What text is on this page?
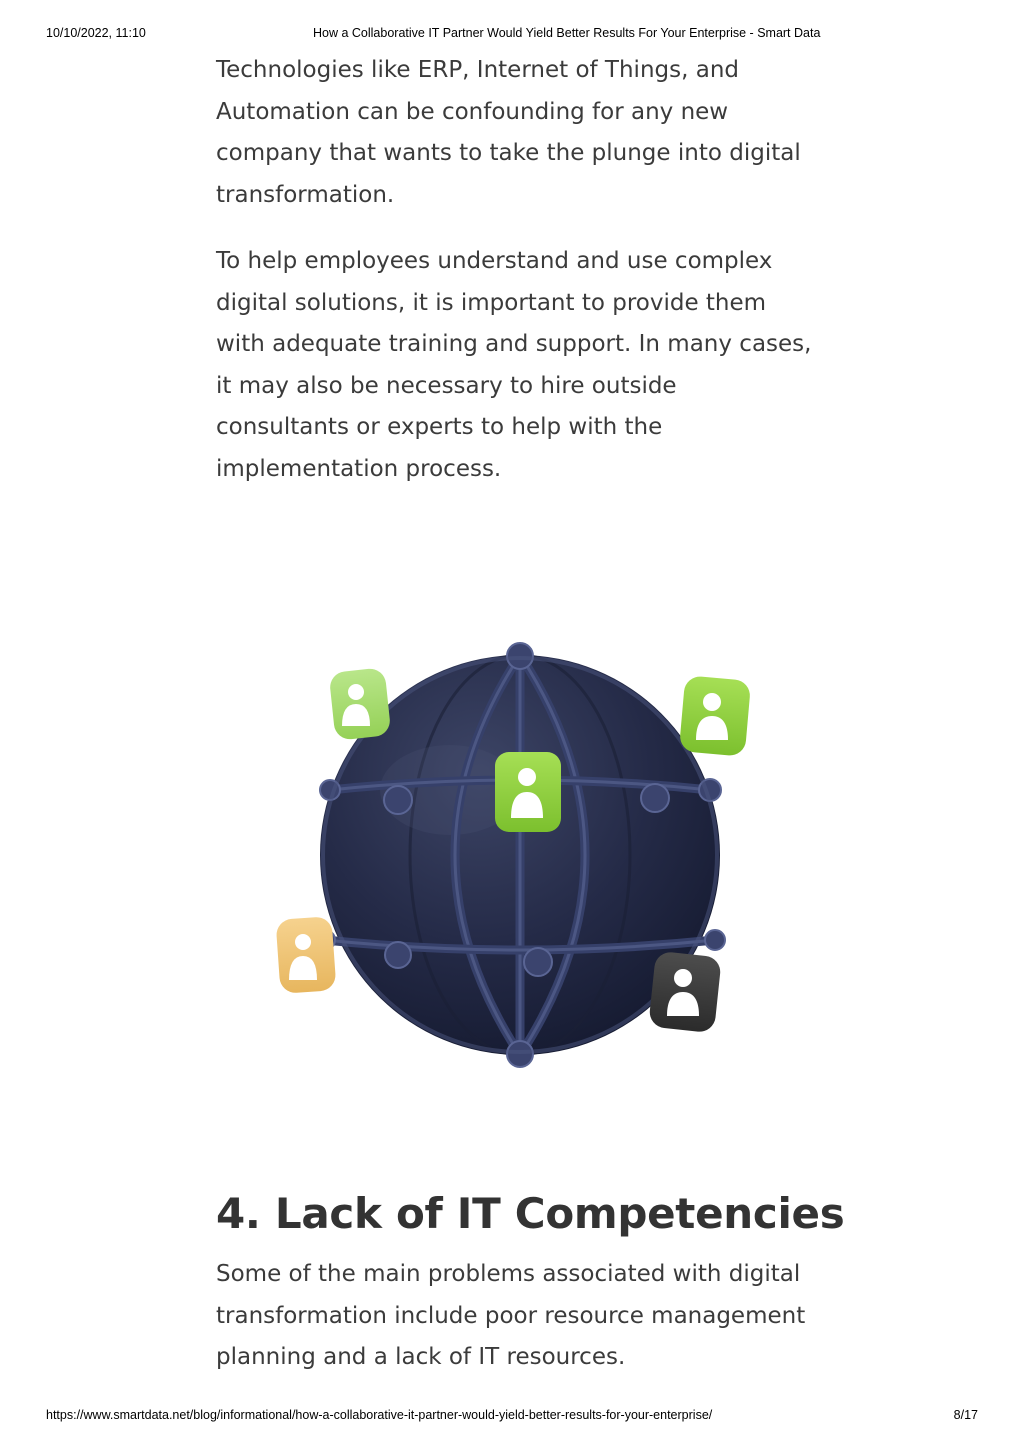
10/10/2022, 11:10	How a Collaborative IT Partner Would Yield Better Results For Your Enterprise - Smart Data

Technologies like ERP, Internet of Things, and Automation can be confounding for any new company that wants to take the plunge into digital transformation.

To help employees understand and use complex digital solutions, it is important to provide them with adequate training and support. In many cases, it may also be necessary to hire outside consultants or experts to help with the implementation process.

4. Lack of IT Competencies

Some of the main problems associated with digital transformation include poor resource management planning and a lack of IT resources.

https://www.smartdata.net/blog/informational/how-a-collaborative-it-partner-would-yield-better-results-for-your-enterprise/	8/17
